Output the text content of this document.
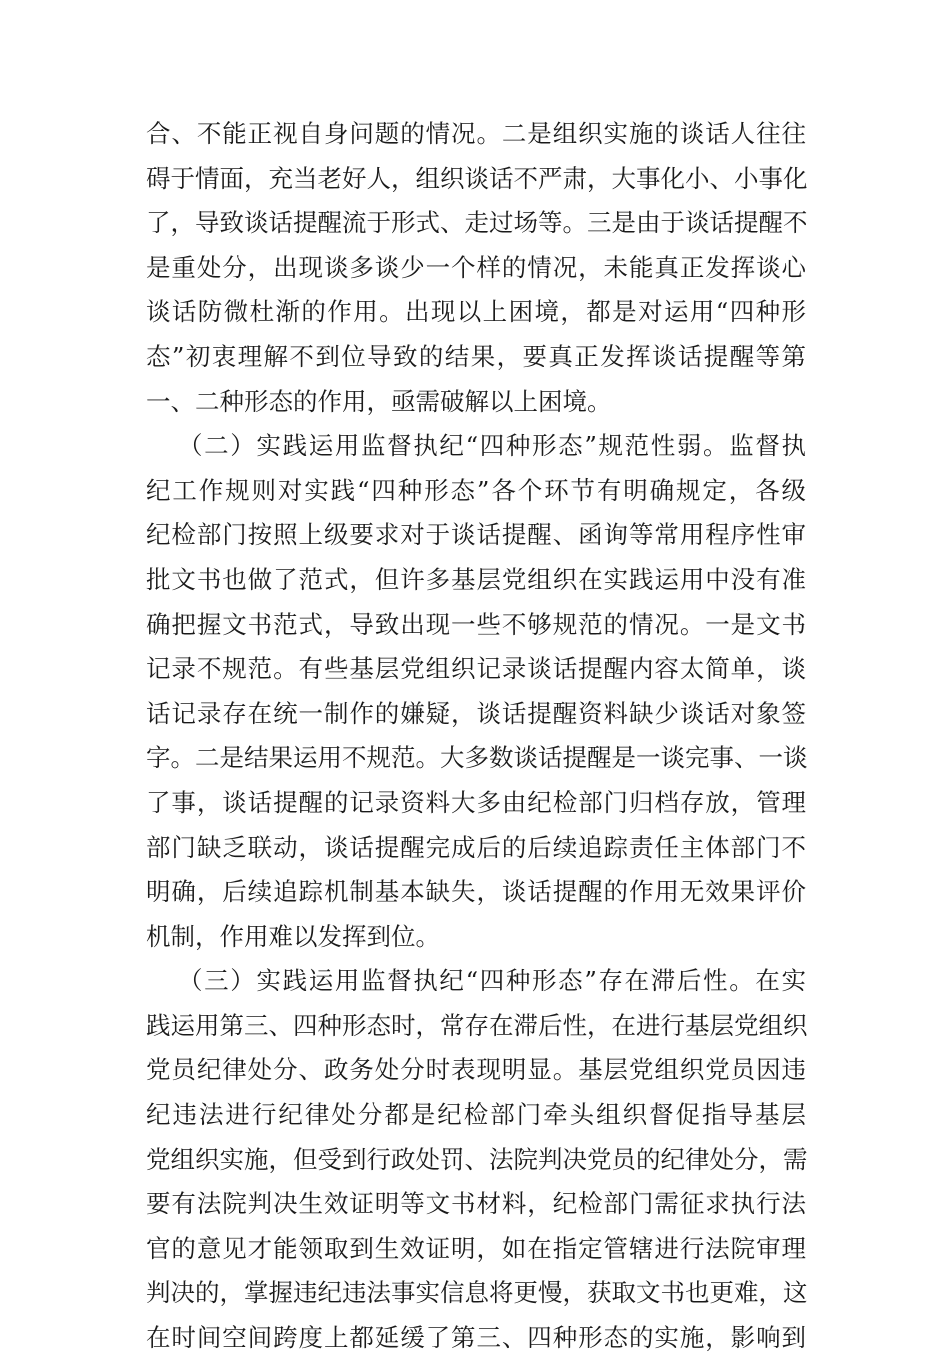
合、不能正视自身问题的情况。二是组织实施的谈话人往往
碍于情面，充当老好人，组织谈话不严肃，大事化小、小事化
了，导致谈话提醒流于形式、走过场等。三是由于谈话提醒不
是重处分，出现谈多谈少一个样的情况，未能真正发挥谈心
谈话防微杜渐的作用。出现以上困境，都是对运用“四种形
态”初衷理解不到位导致的结果，要真正发挥谈话提醒等第
一、二种形态的作用，亟需破解以上困境。
（二）实践运用监督执纪“四种形态”规范性弱。监督执
纪工作规则对实践“四种形态”各个环节有明确规定，各级
纪检部门按照上级要求对于谈话提醒、函询等常用程序性审
批文书也做了范式，但许多基层党组织在实践运用中没有准
确把握文书范式，导致出现一些不够规范的情况。一是文书
记录不规范。有些基层党组织记录谈话提醒内容太简单，谈
话记录存在统一制作的嫌疑，谈话提醒资料缺少谈话对象签
字。二是结果运用不规范。大多数谈话提醒是一谈完事、一谈
了事，谈话提醒的记录资料大多由纪检部门归档存放，管理
部门缺乏联动，谈话提醒完成后的后续追踪责任主体部门不
明确，后续追踪机制基本缺失，谈话提醒的作用无效果评价
机制，作用难以发挥到位。
（三）实践运用监督执纪“四种形态”存在滞后性。在实
践运用第三、四种形态时，常存在滞后性，在进行基层党组织
党员纪律处分、政务处分时表现明显。基层党组织党员因违
纪违法进行纪律处分都是纪检部门牵头组织督促指导基层
党组织实施，但受到行政处罚、法院判决党员的纪律处分，需
要有法院判决生效证明等文书材料，纪检部门需征求执行法
官的意见才能领取到生效证明，如在指定管辖进行法院审理
判决的，掌握违纪违法事实信息将更慢，获取文书也更难，这
在时间空间跨度上都延缓了第三、四种形态的实施，影响到
